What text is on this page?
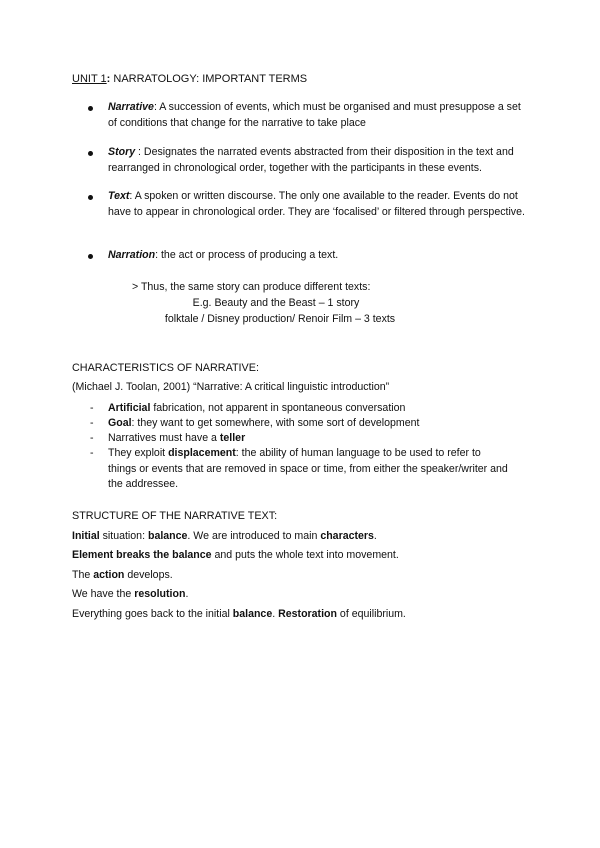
UNIT 1: NARRATOLOGY: IMPORTANT TERMS
Narrative: A succession of events, which must be organised and must presuppose a set of conditions that change for the narrative to take place
Story : Designates the narrated events abstracted from their disposition in the text and rearranged in chronological order, together with the participants in these events.
Text: A spoken or written discourse. The only one available to the reader. Events do not have to appear in chronological order. They are ‘focalised’ or filtered through perspective.
Narration: the act or process of producing a text.
> Thus, the same story can produce different texts:
E.g. Beauty and the Beast – 1 story
folktale / Disney production/ Renoir Film – 3 texts
CHARACTERISTICS OF NARRATIVE:
(Michael J. Toolan, 2001) “Narrative: A critical linguistic introduction”
- Artificial fabrication, not apparent in spontaneous conversation
- Goal: they want to get somewhere, with some sort of development
- Narratives must have a teller
- They exploit displacement: the ability of human language to be used to refer to things or events that are removed in space or time, from either the speaker/writer and the addressee.
STRUCTURE OF THE NARRATIVE TEXT:

Initial situation: balance. We are introduced to main characters.

Element breaks the balance and puts the whole text into movement.

The action develops.

We have the resolution.

Everything goes back to the initial balance. Restoration of equilibrium.
